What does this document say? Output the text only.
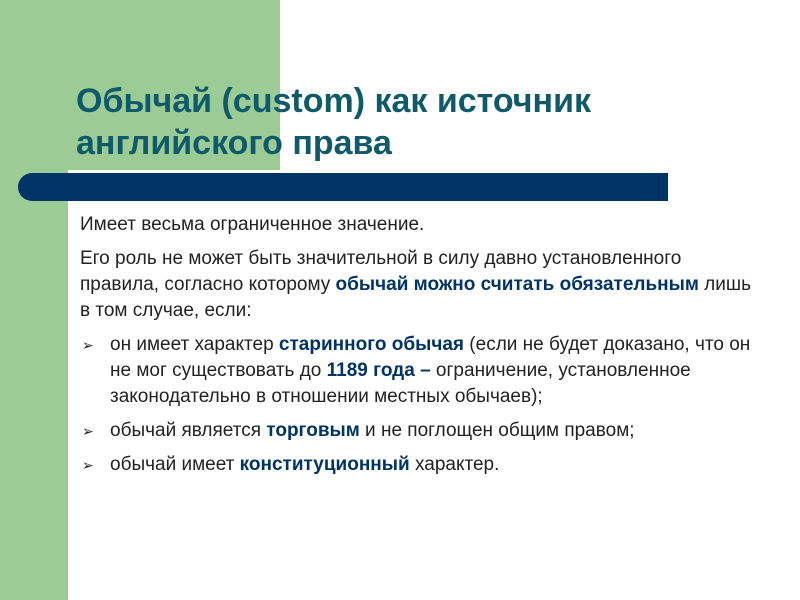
Обычай (custom) как источник
английского права

Имеет весьма ограниченное значение.

Его роль не может быть значительной в силу давно установленного правила, согласно которому обычай можно считать обязательным лишь в том случае, если:

➢ он имеет характер старинного обычая (если не будет доказано, что он не мог существовать до 1189 года – ограничение, установленное законодательно в отношении местных обычаев);
➢ обычай является торговым и не поглощен общим правом;
➢ обычай имеет конституционный характер.
